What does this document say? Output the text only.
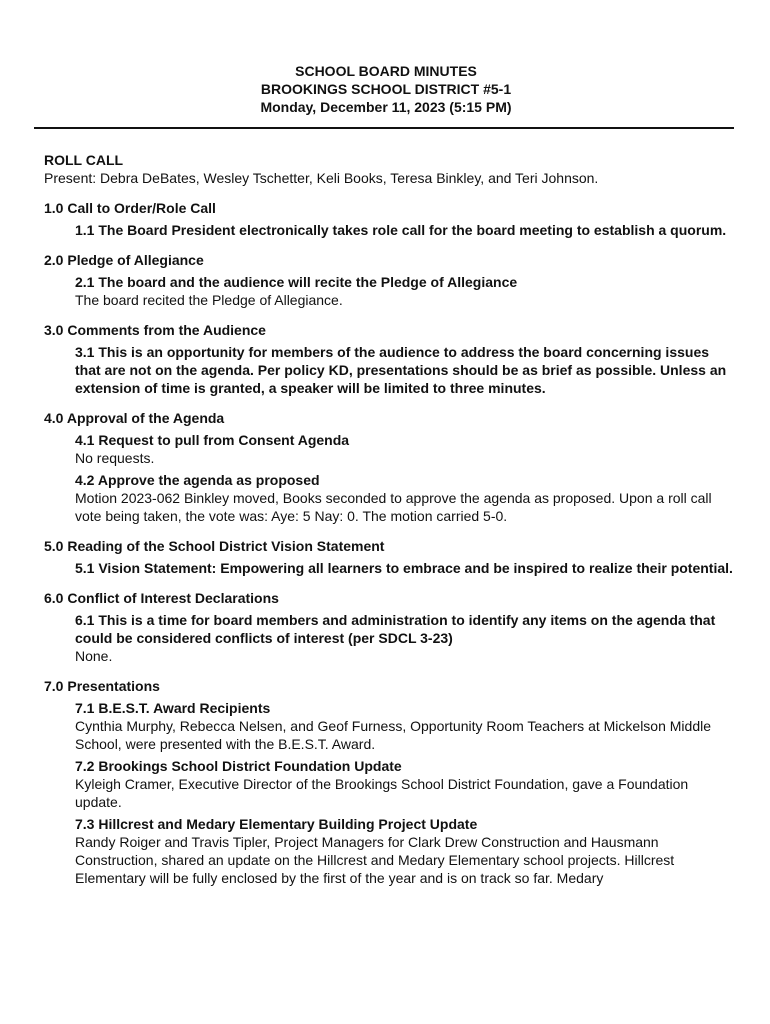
SCHOOL BOARD MINUTES
BROOKINGS SCHOOL DISTRICT #5-1
Monday, December 11, 2023 (5:15 PM)
ROLL CALL
Present: Debra DeBates, Wesley Tschetter, Keli Books, Teresa Binkley, and Teri Johnson.
1.0 Call to Order/Role Call
1.1 The Board President electronically takes role call for the board meeting to establish a quorum.
2.0 Pledge of Allegiance
2.1 The board and the audience will recite the Pledge of Allegiance
The board recited the Pledge of Allegiance.
3.0 Comments from the Audience
3.1 This is an opportunity for members of the audience to address the board concerning issues that are not on the agenda. Per policy KD, presentations should be as brief as possible. Unless an extension of time is granted, a speaker will be limited to three minutes.
4.0 Approval of the Agenda
4.1 Request to pull from Consent Agenda
No requests.
4.2 Approve the agenda as proposed
Motion 2023-062 Binkley moved, Books seconded to approve the agenda as proposed. Upon a roll call vote being taken, the vote was: Aye: 5 Nay: 0. The motion carried 5-0.
5.0 Reading of the School District Vision Statement
5.1 Vision Statement: Empowering all learners to embrace and be inspired to realize their potential.
6.0 Conflict of Interest Declarations
6.1 This is a time for board members and administration to identify any items on the agenda that could be considered conflicts of interest (per SDCL 3-23)
None.
7.0 Presentations
7.1 B.E.S.T. Award Recipients
Cynthia Murphy, Rebecca Nelsen, and Geof Furness, Opportunity Room Teachers at Mickelson Middle School, were presented with the B.E.S.T. Award.
7.2 Brookings School District Foundation Update
Kyleigh Cramer, Executive Director of the Brookings School District Foundation, gave a Foundation update.
7.3 Hillcrest and Medary Elementary Building Project Update
Randy Roiger and Travis Tipler, Project Managers for Clark Drew Construction and Hausmann Construction, shared an update on the Hillcrest and Medary Elementary school projects. Hillcrest Elementary will be fully enclosed by the first of the year and is on track so far. Medary
